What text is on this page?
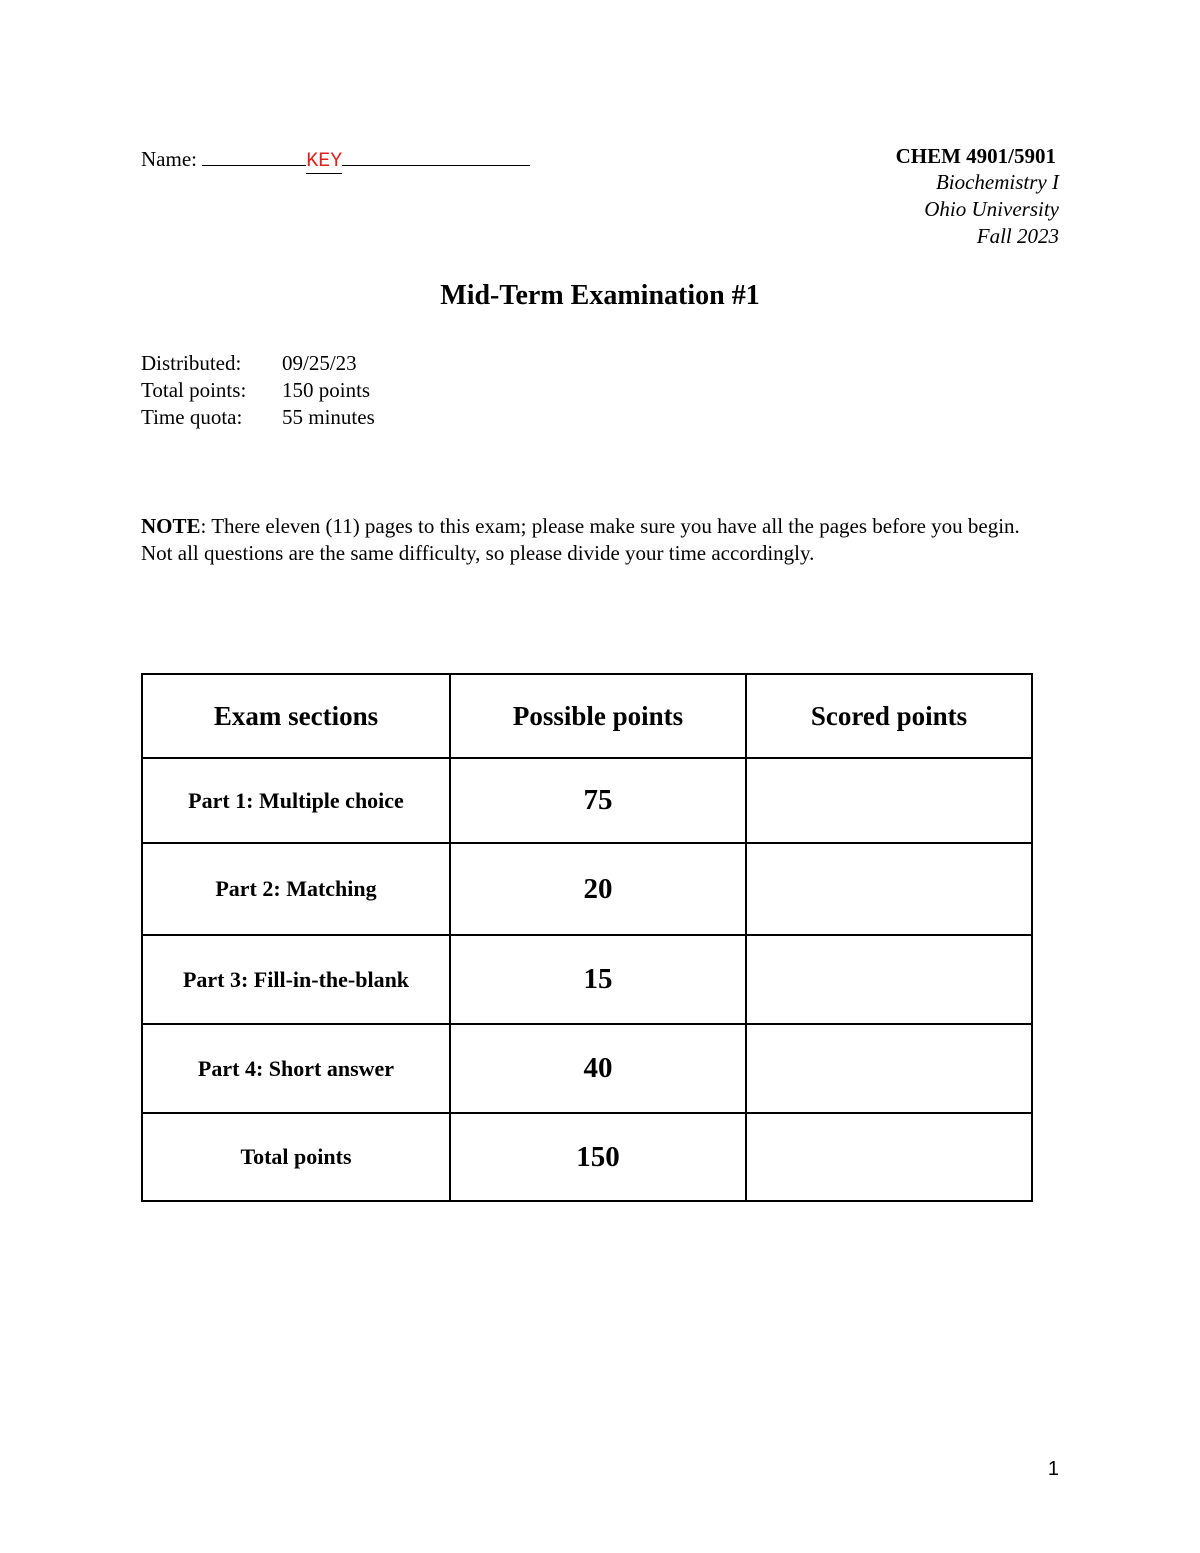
Name:	KEY	CHEM 4901/5901
Biochemistry I
Ohio University
Fall 2023
Mid-Term Examination #1
Distributed:	09/25/23
Total points:	150 points
Time quota:	55 minutes
NOTE: There eleven (11) pages to this exam; please make sure you have all the pages before you begin. Not all questions are the same difficulty, so please divide your time accordingly.
Exam sections	Possible points	Scored points
Part 1: Multiple choice	75	
Part 2: Matching	20	
Part 3: Fill-in-the-blank	15	
Part 4: Short answer	40	
Total points	150	
1
